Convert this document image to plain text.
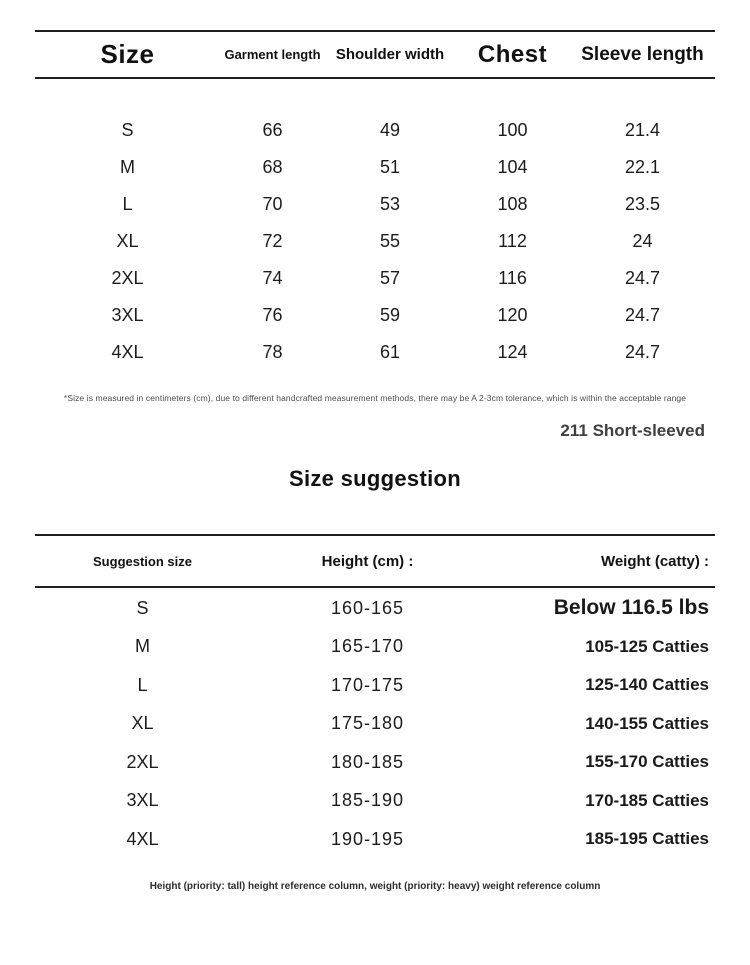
Size	Garment length	Shoulder width	Chest	Sleeve length
S	66	49	100	21.4
M	68	51	104	22.1
L	70	53	108	23.5
XL	72	55	112	24
2XL	74	57	116	24.7
3XL	76	59	120	24.7
4XL	78	61	124	24.7
*Size is measured in centimeters (cm), due to different handcrafted measurement methods, there may be A 2-3cm tolerance, which is within the acceptable range
211 Short-sleeved
Size suggestion
Suggestion size	Height (cm) :	Weight (catty) :
S	160-165	Below 116.5 lbs
M	165-170	105-125 Catties
L	170-175	125-140 Catties
XL	175-180	140-155 Catties
2XL	180-185	155-170 Catties
3XL	185-190	170-185 Catties
4XL	190-195	185-195 Catties
Height (priority: tall) height reference column, weight (priority: heavy) weight reference column
